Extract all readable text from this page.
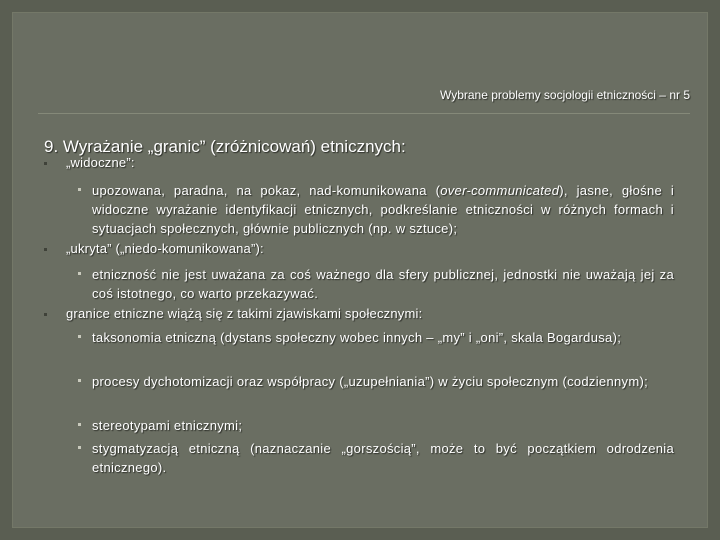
Wybrane problemy socjologii etniczności – nr 5
9. Wyrażanie „granic” (zróżnicowań) etnicznych:
„widoczne”:
upozowana, paradna, na pokaz, nad-komunikowana (over-communicated), jasne, głośne i widoczne wyrażanie identyfikacji etnicznych, podkreślanie etniczności w różnych formach i sytuacjach społecznych, głównie publicznych (np. w sztuce);
„ukryta” („niedo-komunikowana”):
etniczność nie jest uważana za coś ważnego dla sfery publicznej, jednostki nie uważają jej za coś istotnego, co warto przekazywać.
granice etniczne wiążą się z takimi zjawiskami społecznymi:
taksonomia etniczną (dystans społeczny wobec innych – „my” i „oni”, skala Bogardusa);
procesy dychotomizacji oraz współpracy („uzupełniania”) w życiu społecznym (codziennym);
stereotypami etnicznymi;
stygmatyzacją etniczną (naznaczanie „gorszością”, może to być początkiem odrodzenia etnicznego).
